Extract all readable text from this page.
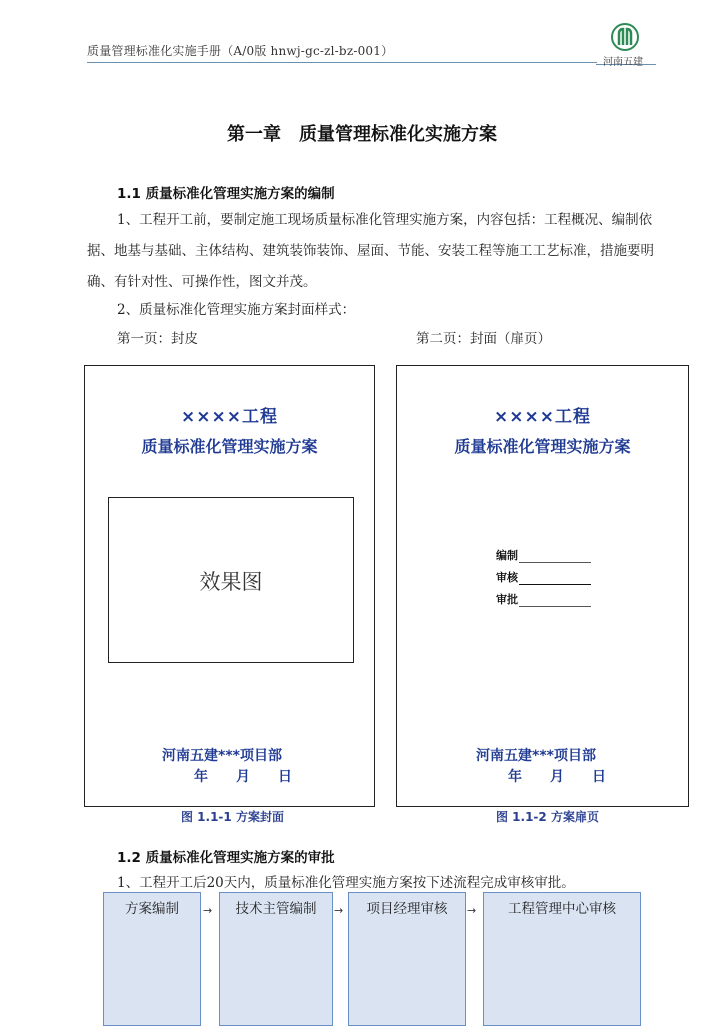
质量管理标准化实施手册（A/0版 hnwj-gc-zl-bz-001）
河南五建
第一章　质量管理标准化实施方案
1.1 质量标准化管理实施方案的编制
1、工程开工前，要制定施工现场质量标准化管理实施方案，内容包括：工程概况、编制依据、地基与基础、主体结构、建筑装饰装饰、屋面、节能、安装工程等施工工艺标准，措施要明确、有针对性、可操作性，图文并茂。
2、质量标准化管理实施方案封面样式：
第一页：封皮	第二页：封面（扉页）
××××工程
质量标准化管理实施方案
效果图
河南五建***项目部
年　　月　　日
××××工程
质量标准化管理实施方案
编制
审核
审批
河南五建***项目部
年　　月　　日
图 1.1-1 方案封面	图 1.1-2 方案扉页
1.2 质量标准化管理实施方案的审批
1、工程开工后20天内，质量标准化管理实施方案按下述流程完成审核审批。
方案编制	→	技术主管编制	→	项目经理审核	→	工程管理中心审核
